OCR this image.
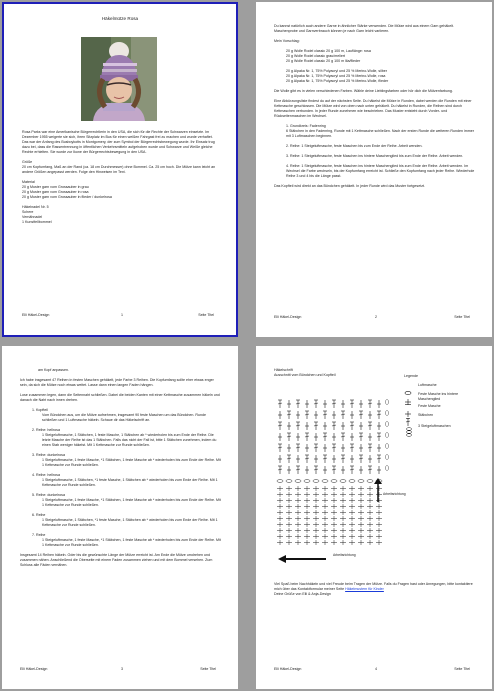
Häkelmütze Rosa

Rosa Parks war eine Amerikanische Bürgerrechtlerin in den USA, die sich für die Rechte der Schwarzen einsetzte. Im Dezember 1955 weigerte sie sich, ihren Sitzplatz im Bus für einen weißen Fahrgast frei zu machen und wurde verhaftet. Das war der Anfang des Busboykotts in Montgomery, der zum Symbol der Bürgerrechtsbewegung wurde. Ihr Einsatz trug dazu bei, dass die Rassentrennung in öffentlichen Verkehrsmitteln aufgehoben wurde und Schwarze und Weiße gleiche Rechte erhielten. Sie wurde zur Ikone der Bürgerrechtsbewegung in den USA.

Größe

20 cm Kopfumfang, Maß an der Rand (ca. 18 cm Durchmesser) ohne Bommel. Ca. 25 cm hoch. Die Mütze kann leicht an andere Größen angepasst werden. Folge den Hinweisen im Text.

Material

20 g Muster garn vom Grossauber in grau

20 g Muster garn vom Grossauber in rosa

20 g Muster garn vom Grossauber in flieder / dunkelrosa

Häkelnadel Nr. 5

Schere

Vernähnadel

1 Kunstfellbommel

Elli Häkel-Design	1	Seite Titel

Du kannst natürlich auch andere Garne in ähnlicher Stärke verwenden. Die Mütze wird aus einem Garn gehäkelt. Maschenprobe und Garnverbrauch können je nach Garn leicht variieren.

Mein Vorschlag:

20 g Wolle Rodel classic 20 g 100 m, Lauflänge: rosa

20 g Wolle Rodel classic grau/meliert

20 g Wolle Rodel classic 20 g 100 m lila/flieder

20 g Alpaka Nr. 1, 75% Polyacryl und 25 % Merino-Wolle, silber

20 g Alpaka Nr. 1, 75% Polyacryl und 25 % Merino-Wolle, rosa

20 g Alpaka Nr. 1, 75% Polyacryl und 25 % Merino-Wolle, flieder

Die Wolle gibt es in vielen verschiedenen Farben. Wähle deine Lieblingsfarben oder hör dich die Mützenfarbung.

Eine Abkürzungsliste findest du auf der nächsten Seite. Du häkelst die Mütze in Runden, dabei werden die Runden mit einer Kettmasche geschlossen. Die Mütze wird von oben nach unten gehäkelt. Du häkelst in Runden, die Reihen sind durch Kettmaschen verbunden. In jeder Runde zunehmen wie beschrieben. Das Muster entsteht durch Vorder- und Rückseitenmaschen im Wechsel.

1. Grundkreis: Fadenring
6 Stäbchen in den Fadenring, Runde mit 1 Kettmasche schließen. Nach der ersten Runde die weiteren Runden immer mit 3 Luftmaschen beginnen.

2. Reihe: 1 Steigeluftmasche, feste Maschen bis zum Ende der Reihe. Arbeit wenden.

3. Reihe: 1 Steigeluftmasche, feste Maschen ins hintere Maschenglied bis zum Ende der Reihe. Arbeit wenden.

4. Reihe: 1 Steigeluftmasche, feste Maschen ins hintere Maschenglied bis zum Ende der Reihe. Arbeit wenden. Im Wechsel die Farbe wechseln, bis der Kopfumfang erreicht ist. Schließe den Kopfumfang nach jeder Reihe. Wiederhole Reihe 3 und 4 bis die Länge passt.

Das Kopfteil wird direkt an das Bündchen gehäkelt. In jeder Runde wird das Muster fortgesetzt.

Elli Häkel-Design	2	Seite Titel

am Kopf anpassen.

Ich habe insgesamt 47 Reihen in festen Maschen gehäkelt, jede Farbe 3 Reihen. Die Kopfumfang sollte eher etwas enger sein, da sich die Mütze noch etwas weitet. Lasse dann einen langen Faden hängen.

Lose zusammen legen, dann die Seitennaht schließen. Dabei die beiden Kanten mit einer Kettmasche zusammen häkeln und danach die Naht nach innen drehen.

1. Kopfteil

Vom Bündchen aus, um die Mütze aufnehmen, insgesamt 90 feste Maschen um das Bündchen. Runde schließen und 1 Luftmasche häkeln. Schaue dir das Häkelschrift an.

2. Reihe: hellrosa

1 Steigeluftmasche, 1 Stäbchen, 1 feste Masche, 1 Stäbchen ab * wiederholen bis zum Ende der Reihe. Die letzte Masche der Reihe ist das 1 Stäbchen. Falls das nicht der Fall ist, bitte 1 Stäbchen zunehmen, indem du einen Stab weniger häkelst. Mit 1 Kettmasche zur Runde schließen.

3. Reihe: dunkelrosa

1 Steigeluftmasche, 1 feste Masche, *1 Stäbchen, 1 feste Masche ab * wiederholen bis zum Ende der Reihe. Mit 1 Kettmasche zur Runde schließen.

4. Reihe: hellrosa

1 Steigeluftmasche, 1 Stäbchen, *1 feste Masche, 1 Stäbchen ab * wiederholen bis zum Ende der Reihe. Mit 1 Kettmasche zur Runde schließen.

5. Reihe: dunkelrosa

1 Steigeluftmasche, 1 feste Masche, *1 Stäbchen, 1 feste Masche ab * wiederholen bis zum Ende der Reihe. Mit 1 Kettmasche zur Runde schließen.

6. Reihe

1 Steigeluftmasche, 1 Stäbchen, *1 feste Masche, 1 Stäbchen ab * wiederholen bis zum Ende der Reihe. Mit 1 Kettmasche zur Runde schließen.

7. Reihe

1 Steigeluftmasche, 1 feste Masche, *1 Stäbchen, 1 feste Masche ab * wiederholen bis zum Ende der Reihe. Mit 1 Kettmasche zur Runde schließen.

Insgesamt 14 Reihen häkeln. Oder bis die gewünschte Länge der Mütze erreicht ist. Am Ende die Mütze umdrehen und zusammen nähen. Anschließend die Oberseite mit einem Faden zusammen ziehen und mit dem Bommel versehen. Zum Schluss alle Fäden vernähen.

Elli Häkel-Design	3	Seite Titel

Häkelschrift

Ausschnitt vom Bündchen und Kopfteil

Arbeitsrichtung
Arbeitsrichtung

Legende

Luftmasche
Feste Masche ins hintere Maschenglied
Feste Masche
Stäbchen
3 Steigeluftmaschen

Viel Spaß beim Nachhäkeln und viel Freude beim Tragen der Mütze. Falls du Fragen hast oder Anregungen, bitte kontaktiere mich über das Kontaktformular meiner Seite Häkelmustern für Kinder

Deine Grüße von Elli & Anja-Design

Elli Häkel-Design	4	Seite Titel
